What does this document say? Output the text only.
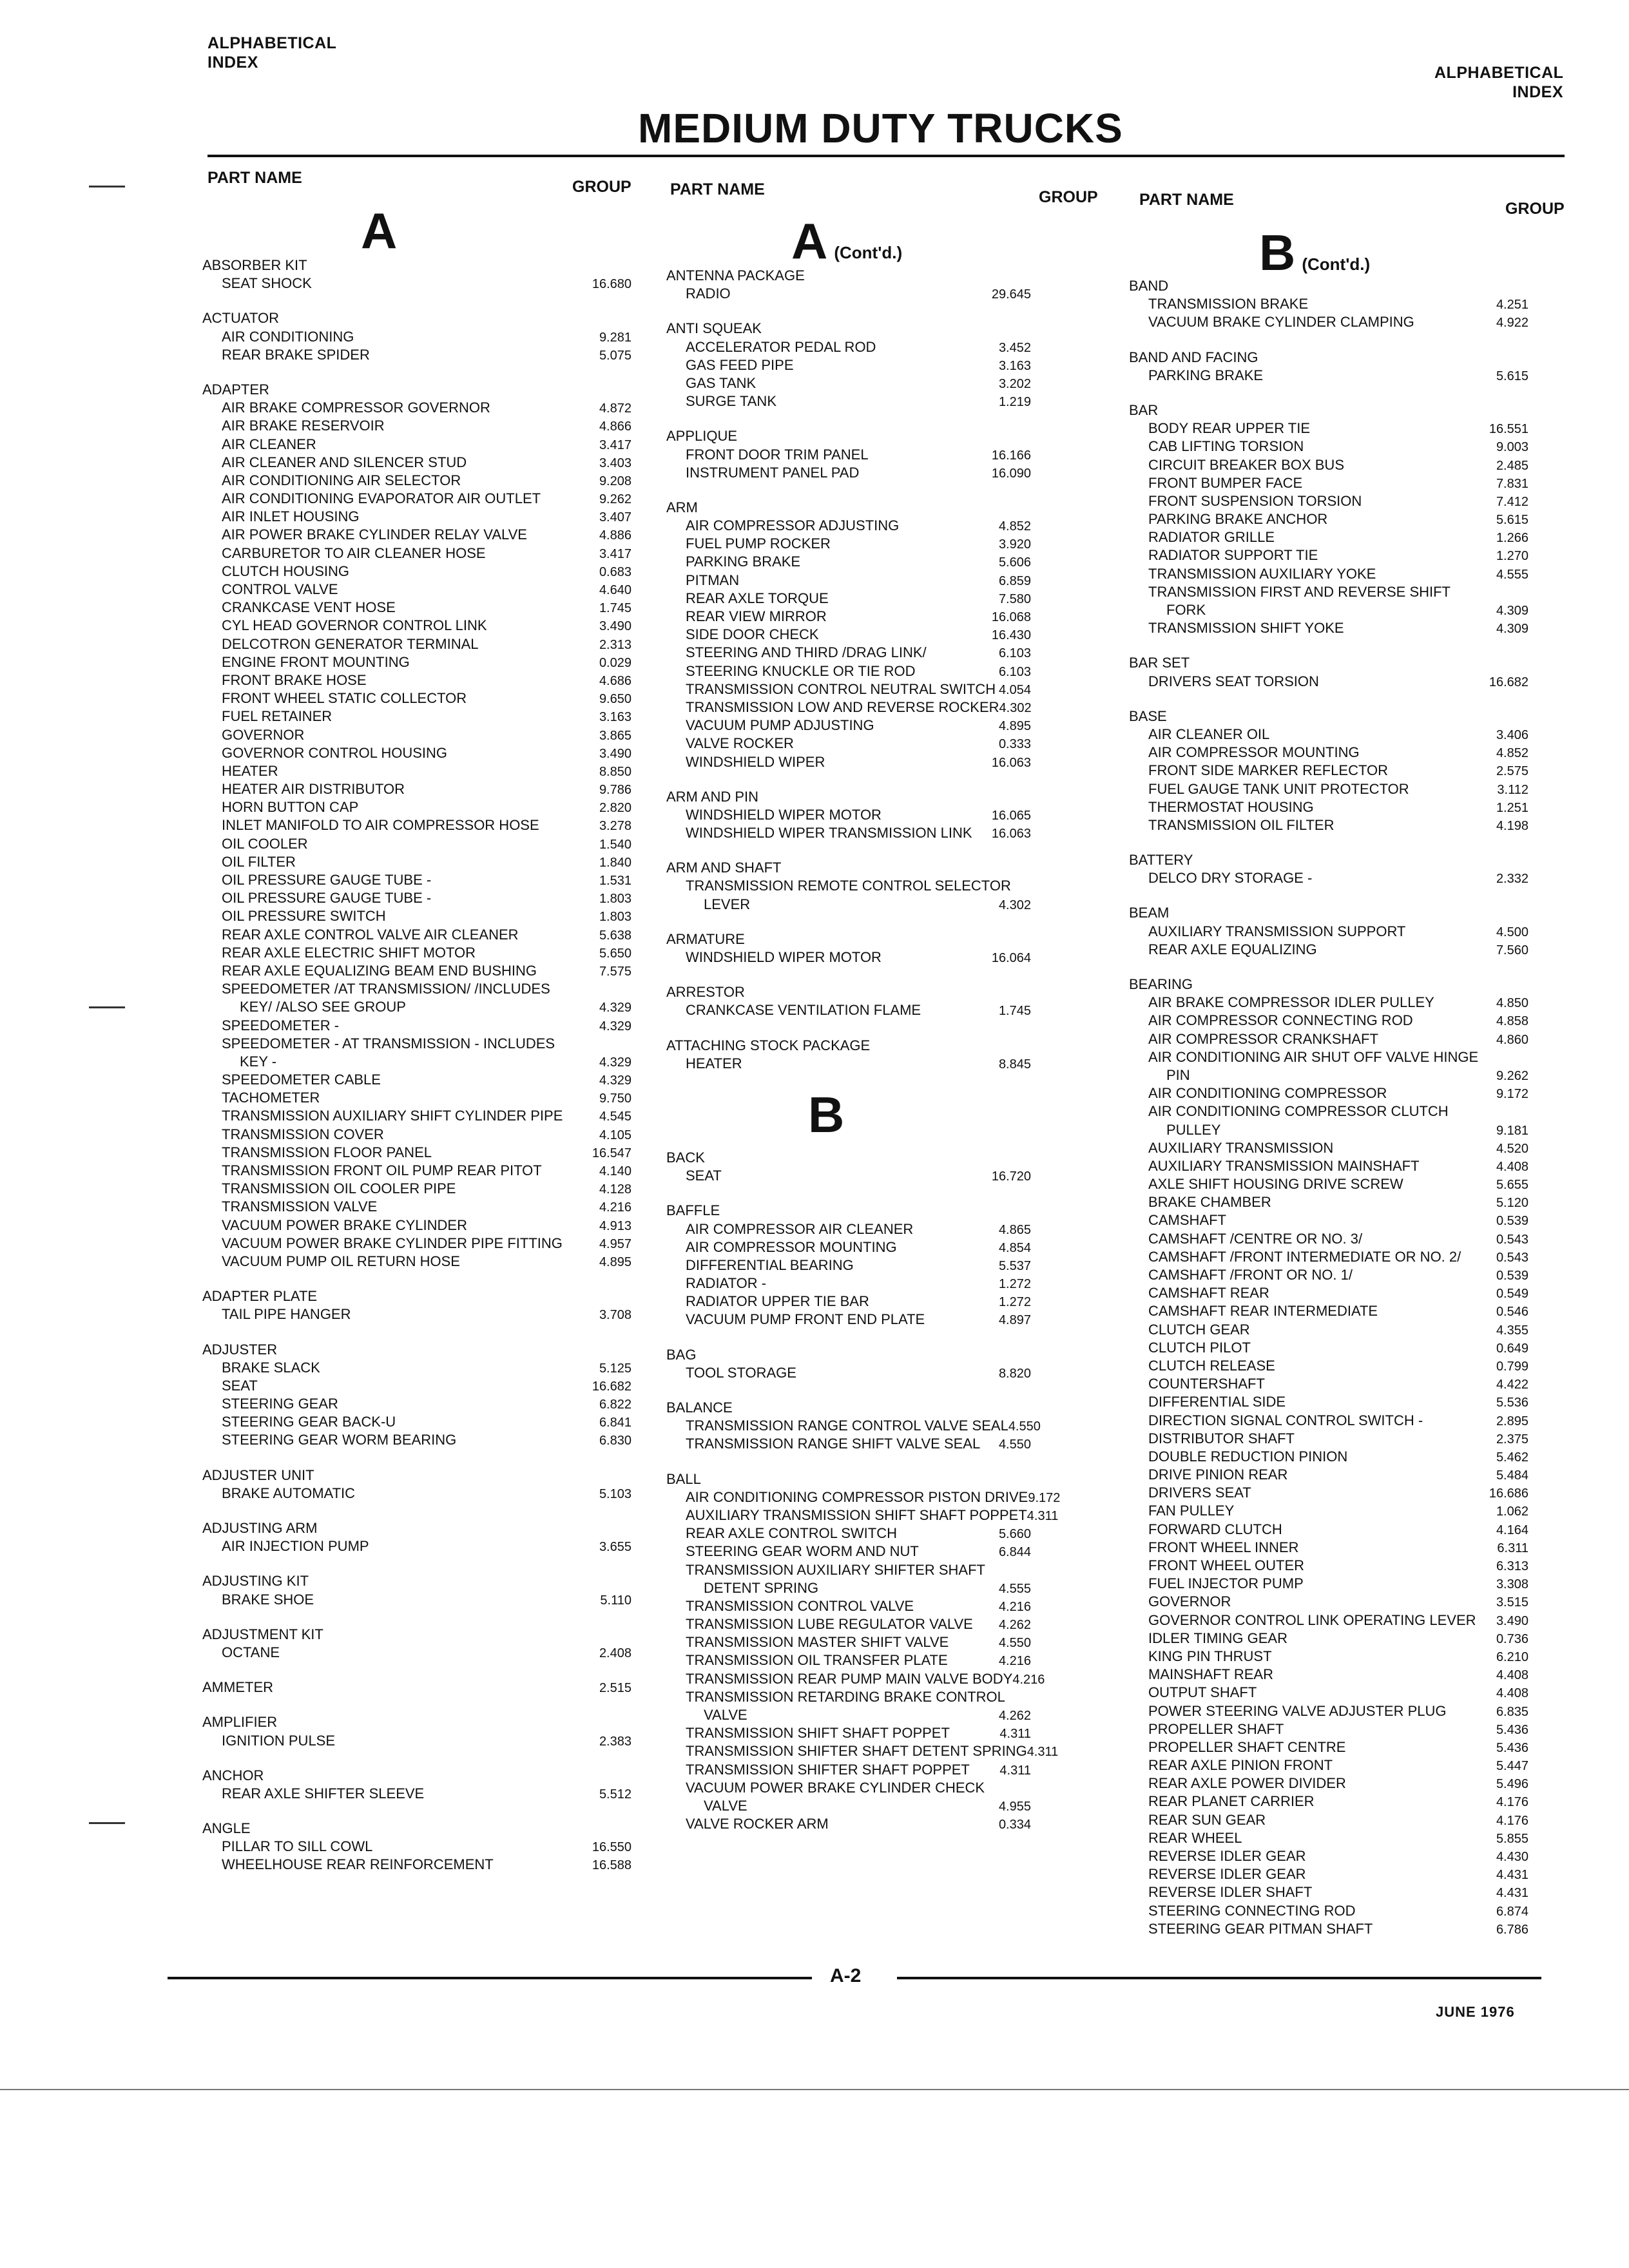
ALPHABETICAL
INDEX
ALPHABETICAL
INDEX
MEDIUM DUTY TRUCKS
PART NAME	GROUP PART NAME	GROUP	PART NAME	GROUP
A	A (Cont'd.)
B
B (Cont'd.)
ABSORBER KIT
SEAT SHOCK	16.680
ACTUATOR
AIR CONDITIONING	9.281
REAR BRAKE SPIDER	5.075
ADAPTER
AIR BRAKE COMPRESSOR GOVERNOR	4.872
AIR BRAKE RESERVOIR	4.866
AIR CLEANER	3.417
AIR CLEANER AND SILENCER STUD	3.403
AIR CONDITIONING AIR SELECTOR	9.208
AIR CONDITIONING EVAPORATOR AIR OUTLET	9.262
AIR INLET HOUSING	3.407
AIR POWER BRAKE CYLINDER RELAY VALVE	4.886
CARBURETOR TO AIR CLEANER HOSE	3.417
CLUTCH HOUSING	0.683
CONTROL VALVE	4.640
CRANKCASE VENT HOSE	1.745
CYL HEAD GOVERNOR CONTROL LINK	3.490
DELCOTRON GENERATOR TERMINAL	2.313
ENGINE FRONT MOUNTING	0.029
FRONT BRAKE HOSE	4.686
FRONT WHEEL STATIC COLLECTOR	9.650
FUEL RETAINER	3.163
GOVERNOR	3.865
GOVERNOR CONTROL HOUSING	3.490
HEATER	8.850
HEATER AIR DISTRIBUTOR	9.786
HORN BUTTON CAP	2.820
INLET MANIFOLD TO AIR COMPRESSOR HOSE	3.278
OIL COOLER	1.540
OIL FILTER	1.840
OIL PRESSURE GAUGE TUBE -	1.531
OIL PRESSURE GAUGE TUBE -	1.803
OIL PRESSURE SWITCH	1.803
REAR AXLE CONTROL VALVE AIR CLEANER	5.638
REAR AXLE ELECTRIC SHIFT MOTOR	5.650
REAR AXLE EQUALIZING BEAM END BUSHING	7.575
SPEEDOMETER /AT TRANSMISSION/ /INCLUDES
KEY/ /ALSO SEE GROUP	4.329
SPEEDOMETER -	4.329
SPEEDOMETER - AT TRANSMISSION - INCLUDES
KEY -	4.329
SPEEDOMETER CABLE	4.329
TACHOMETER	9.750
TRANSMISSION AUXILIARY SHIFT CYLINDER PIPE	4.545
TRANSMISSION COVER	4.105
TRANSMISSION FLOOR PANEL	16.547
TRANSMISSION FRONT OIL PUMP REAR PITOT	4.140
TRANSMISSION OIL COOLER PIPE	4.128
TRANSMISSION VALVE	4.216
VACUUM POWER BRAKE CYLINDER	4.913
VACUUM POWER BRAKE CYLINDER PIPE FITTING	4.957
VACUUM PUMP OIL RETURN HOSE	4.895
ADAPTER PLATE
TAIL PIPE HANGER	3.708
ADJUSTER
BRAKE SLACK	5.125
SEAT	16.682
STEERING GEAR	6.822
STEERING GEAR BACK-U	6.841
STEERING GEAR WORM BEARING	6.830
ADJUSTER UNIT
BRAKE AUTOMATIC	5.103
ADJUSTING ARM
AIR INJECTION PUMP	3.655
ADJUSTING KIT
BRAKE SHOE	5.110
ADJUSTMENT KIT
OCTANE	2.408
AMMETER	2.515
AMPLIFIER
IGNITION PULSE	2.383
ANCHOR
REAR AXLE SHIFTER SLEEVE	5.512
ANGLE
PILLAR TO SILL COWL	16.550
WHEELHOUSE REAR REINFORCEMENT	16.588
ANTENNA PACKAGE
RADIO	29.645
ANTI SQUEAK
ACCELERATOR PEDAL ROD	3.452
GAS FEED PIPE	3.163
GAS TANK	3.202
SURGE TANK	1.219
APPLIQUE
FRONT DOOR TRIM PANEL	16.166
INSTRUMENT PANEL PAD	16.090
ARM
AIR COMPRESSOR ADJUSTING	4.852
FUEL PUMP ROCKER	3.920
PARKING BRAKE	5.606
PITMAN	6.859
REAR AXLE TORQUE	7.580
REAR VIEW MIRROR	16.068
SIDE DOOR CHECK	16.430
STEERING AND THIRD /DRAG LINK/	6.103
STEERING KNUCKLE OR TIE ROD	6.103
TRANSMISSION CONTROL NEUTRAL SWITCH 4.054
TRANSMISSION LOW AND REVERSE ROCKER 4.302
VACUUM PUMP ADJUSTING	4.895
VALVE ROCKER	0.333
WINDSHIELD WIPER	16.063
ARM AND PIN
WINDSHIELD WIPER MOTOR	16.065
WINDSHIELD WIPER TRANSMISSION LINK	16.063
ARM AND SHAFT
TRANSMISSION REMOTE CONTROL SELECTOR
LEVER	4.302
ARMATURE
WINDSHIELD WIPER MOTOR	16.064
ARRESTOR
CRANKCASE VENTILATION FLAME	1.745
ATTACHING STOCK PACKAGE
HEATER	8.845
BACK
SEAT	16.720
BAFFLE
AIR COMPRESSOR AIR CLEANER	4.865
AIR COMPRESSOR MOUNTING	4.854
DIFFERENTIAL BEARING	5.537
RADIATOR -	1.272
RADIATOR UPPER TIE BAR	1.272
VACUUM PUMP FRONT END PLATE	4.897
BAG
TOOL STORAGE	8.820
BALANCE
TRANSMISSION RANGE CONTROL VALVE SEAL 4.550
TRANSMISSION RANGE SHIFT VALVE SEAL	4.550
BALL
AIR CONDITIONING COMPRESSOR PISTON DRIVE 9.172
AUXILIARY TRANSMISSION SHIFT SHAFT POPPET 4.311
REAR AXLE CONTROL SWITCH	5.660
STEERING GEAR WORM AND NUT	6.844
TRANSMISSION AUXILIARY SHIFTER SHAFT
DETENT SPRING	4.555
TRANSMISSION CONTROL VALVE	4.216
TRANSMISSION LUBE REGULATOR VALVE	4.262
TRANSMISSION MASTER SHIFT VALVE	4.550
TRANSMISSION OIL TRANSFER PLATE	4.216
TRANSMISSION REAR PUMP MAIN VALVE BODY 4.216
TRANSMISSION RETARDING BRAKE CONTROL
VALVE	4.262
TRANSMISSION SHIFT SHAFT POPPET	4.311
TRANSMISSION SHIFTER SHAFT DETENT SPRING 4.311
TRANSMISSION SHIFTER SHAFT POPPET	4.311
VACUUM POWER BRAKE CYLINDER CHECK
VALVE	4.955
VALVE ROCKER ARM	0.334
BAND
TRANSMISSION BRAKE	4.251
VACUUM BRAKE CYLINDER CLAMPING	4.922
BAND AND FACING
PARKING BRAKE	5.615
BAR
BODY REAR UPPER TIE	16.551
CAB LIFTING TORSION	9.003
CIRCUIT BREAKER BOX BUS	2.485
FRONT BUMPER FACE	7.831
FRONT SUSPENSION TORSION	7.412
PARKING BRAKE ANCHOR	5.615
RADIATOR GRILLE	1.266
RADIATOR SUPPORT TIE	1.270
TRANSMISSION AUXILIARY YOKE	4.555
TRANSMISSION FIRST AND REVERSE SHIFT
FORK	4.309
TRANSMISSION SHIFT YOKE	4.309
BAR SET
DRIVERS SEAT TORSION	16.682
BASE
AIR CLEANER OIL	3.406
AIR COMPRESSOR MOUNTING	4.852
FRONT SIDE MARKER REFLECTOR	2.575
FUEL GAUGE TANK UNIT PROTECTOR	3.112
THERMOSTAT HOUSING	1.251
TRANSMISSION OIL FILTER	4.198
BATTERY
DELCO DRY STORAGE -	2.332
BEAM
AUXILIARY TRANSMISSION SUPPORT	4.500
REAR AXLE EQUALIZING	7.560
BEARING
AIR BRAKE COMPRESSOR IDLER PULLEY	4.850
AIR COMPRESSOR CONNECTING ROD	4.858
AIR COMPRESSOR CRANKSHAFT	4.860
AIR CONDITIONING AIR SHUT OFF VALVE HINGE
PIN	9.262
AIR CONDITIONING COMPRESSOR	9.172
AIR CONDITIONING COMPRESSOR CLUTCH
PULLEY	9.181
AUXILIARY TRANSMISSION	4.520
AUXILIARY TRANSMISSION MAINSHAFT	4.408
AXLE SHIFT HOUSING DRIVE SCREW	5.655
BRAKE CHAMBER	5.120
CAMSHAFT	0.539
CAMSHAFT /CENTRE OR NO. 3/	0.543
CAMSHAFT /FRONT INTERMEDIATE OR NO. 2/	0.543
CAMSHAFT /FRONT OR NO. 1/	0.539
CAMSHAFT REAR	0.549
CAMSHAFT REAR INTERMEDIATE	0.546
CLUTCH GEAR	4.355
CLUTCH PILOT	0.649
CLUTCH RELEASE	0.799
COUNTERSHAFT	4.422
DIFFERENTIAL SIDE	5.536
DIRECTION SIGNAL CONTROL SWITCH -	2.895
DISTRIBUTOR SHAFT	2.375
DOUBLE REDUCTION PINION	5.462
DRIVE PINION REAR	5.484
DRIVERS SEAT	16.686
FAN PULLEY	1.062
FORWARD CLUTCH	4.164
FRONT WHEEL INNER	6.311
FRONT WHEEL OUTER	6.313
FUEL INJECTOR PUMP	3.308
GOVERNOR	3.515
GOVERNOR CONTROL LINK OPERATING LEVER	3.490
IDLER TIMING GEAR	0.736
KING PIN THRUST	6.210
MAINSHAFT REAR	4.408
OUTPUT SHAFT	4.408
POWER STEERING VALVE ADJUSTER PLUG	6.835
PROPELLER SHAFT	5.436
PROPELLER SHAFT CENTRE	5.436
REAR AXLE PINION FRONT	5.447
REAR AXLE POWER DIVIDER	5.496
REAR PLANET CARRIER	4.176
REAR SUN GEAR	4.176
REAR WHEEL	5.855
REVERSE IDLER GEAR	4.430
REVERSE IDLER GEAR	4.431
REVERSE IDLER SHAFT	4.431
STEERING CONNECTING ROD	6.874
STEERING GEAR PITMAN SHAFT	6.786
A-2
JUNE 1976
